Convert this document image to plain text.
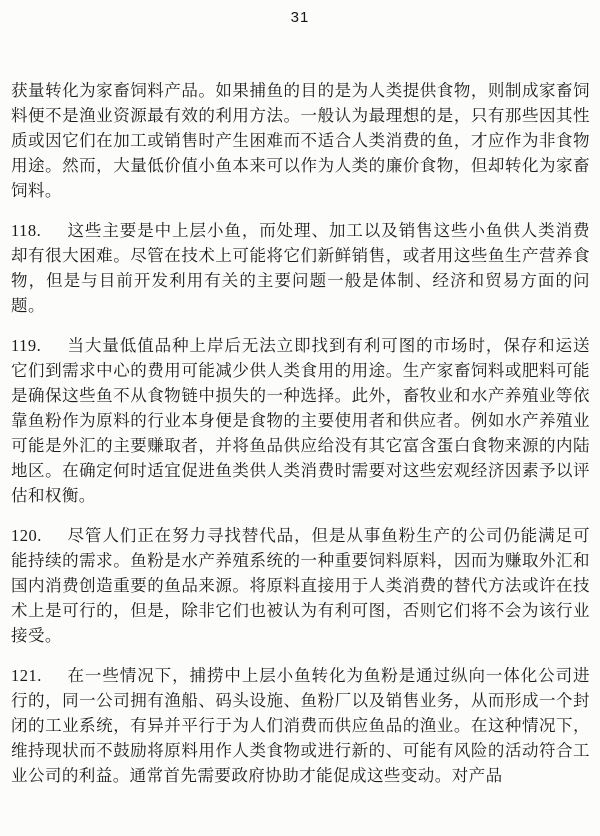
31

获量转化为家畜饲料产品。如果捕鱼的目的是为人类提供食物，则制成家畜饲料便不是渔业资源最有效的利用方法。一般认为最理想的是，只有那些因其性质或因它们在加工或销售时产生困难而不适合人类消费的鱼，才应作为非食物用途。然而，大量低价值小鱼本来可以作为人类的廉价食物，但却转化为家畜饲料。

118. 这些主要是中上层小鱼，而处理、加工以及销售这些小鱼供人类消费却有很大困难。尽管在技术上可能将它们新鲜销售，或者用这些鱼生产营养食物，但是与目前开发利用有关的主要问题一般是体制、经济和贸易方面的问题。

119. 当大量低值品种上岸后无法立即找到有利可图的市场时，保存和运送它们到需求中心的费用可能减少供人类食用的用途。生产家畜饲料或肥料可能是确保这些鱼不从食物链中损失的一种选择。此外，畜牧业和水产养殖业等依靠鱼粉作为原料的行业本身便是食物的主要使用者和供应者。例如水产养殖业可能是外汇的主要赚取者，并将鱼品供应给没有其它富含蛋白食物来源的内陆地区。在确定何时适宜促进鱼类供人类消费时需要对这些宏观经济因素予以评估和权衡。

120. 尽管人们正在努力寻找替代品，但是从事鱼粉生产的公司仍能满足可能持续的需求。鱼粉是水产养殖系统的一种重要饲料原料，因而为赚取外汇和国内消费创造重要的鱼品来源。将原料直接用于人类消费的替代方法或许在技术上是可行的，但是，除非它们也被认为有利可图，否则它们将不会为该行业接受。

121. 在一些情况下，捕捞中上层小鱼转化为鱼粉是通过纵向一体化公司进行的，同一公司拥有渔船、码头设施、鱼粉厂以及销售业务，从而形成一个封闭的工业系统，有异并平行于为人们消费而供应鱼品的渔业。在这种情况下，维持现状而不鼓励将原料用作人类食物或进行新的、可能有风险的活动符合工业公司的利益。通常首先需要政府协助才能促成这些变动。对产品
